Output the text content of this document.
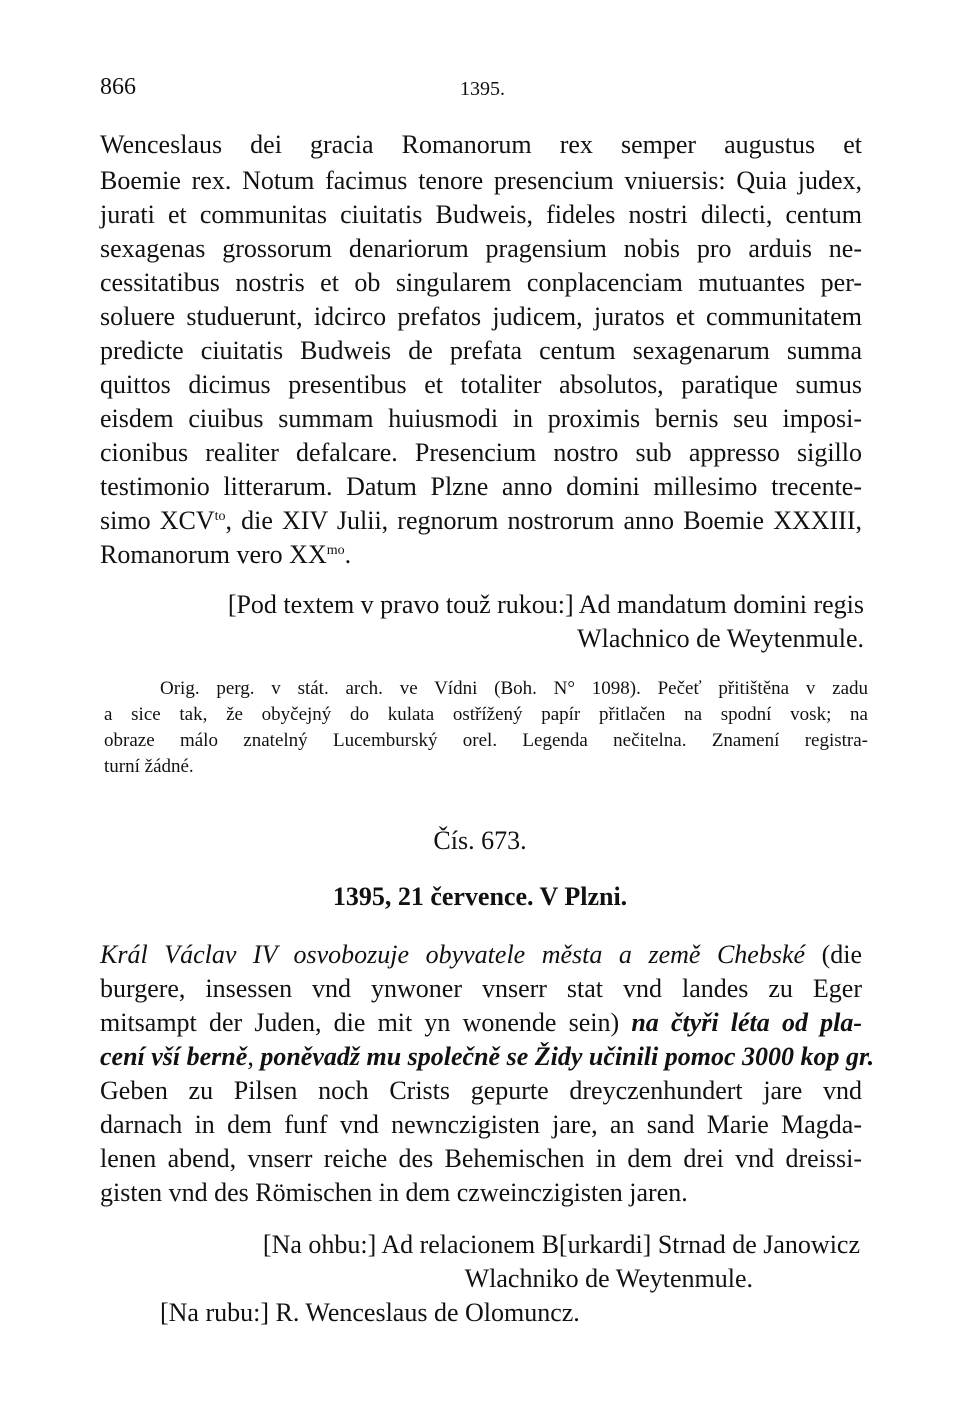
866	1395.
Wenceslaus dei gracia Romanorum rex semper augustus et
Boemie rex. Notum facimus tenore presencium vniuersis: Quia judex,
jurati et communitas ciuitatis Budweis, fideles nostri dilecti, centum
sexagenas grossorum denariorum pragensium nobis pro arduis ne-
cessitatibus nostris et ob singularem conplacenciam mutuantes per-
soluere studuerunt, idcirco prefatos judicem, juratos et communitatem
predicte ciuitatis Budweis de prefata centum sexagenarum summa
quittos dicimus presentibus et totaliter absolutos, paratique sumus
eisdem ciuibus summam huiusmodi in proximis bernis seu imposi-
cionibus realiter defalcare. Presencium nostro sub appresso sigillo
testimonio litterarum. Datum Plzne anno domini millesimo trecente-
simo $XCV^{to}$, die XIV Julii, regnorum nostrorum anno Boemie XXXIII,
Romanorum vero $XX^{mo}$.
[Pod textem v pravo touž rukou:] Ad mandatum domini regis
Wlachnico de Weytenmule.
Orig. perg. v stát. arch. ve Vídni (Boh. N° 1098). Pečeť přitištěna v zadu
a sice tak, že obyčejný do kulata ostřížený papír přitlačen na spodní vosk; na
obraze málo znatelný Lucemburský orel. Legenda nečitelna. Znamení registra-
turní žádné.
Čís. 673.
1395, 21 července. V Plzni.
Král Václav IV osvobozuje obyvatele města a země Chebské (die
burgere, insessen vnd ynwoner vnserr stat vnd landes zu Eger
mitsampt der Juden, die mit yn wonende sein) na čtyři léta od pla-
cení vší berně, poněvadž mu společně se Židy učinili pomoc 3000 kop gr.
Geben zu Pilsen noch Crists gepurte dreyczenhundert jare vnd
darnach in dem funf vnd newnczigisten jare, an sand Marie Magda-
lenen abend, vnserr reiche des Behemischen in dem drei vnd dreissi-
gisten vnd des Römischen in dem czweinczigisten jaren.
[Na ohbu:] Ad relacionem B[urkardi] Strnad de Janowicz
Wlachniko de Weytenmule.
[Na rubu:] R. Wenceslaus de Olomuncz.
